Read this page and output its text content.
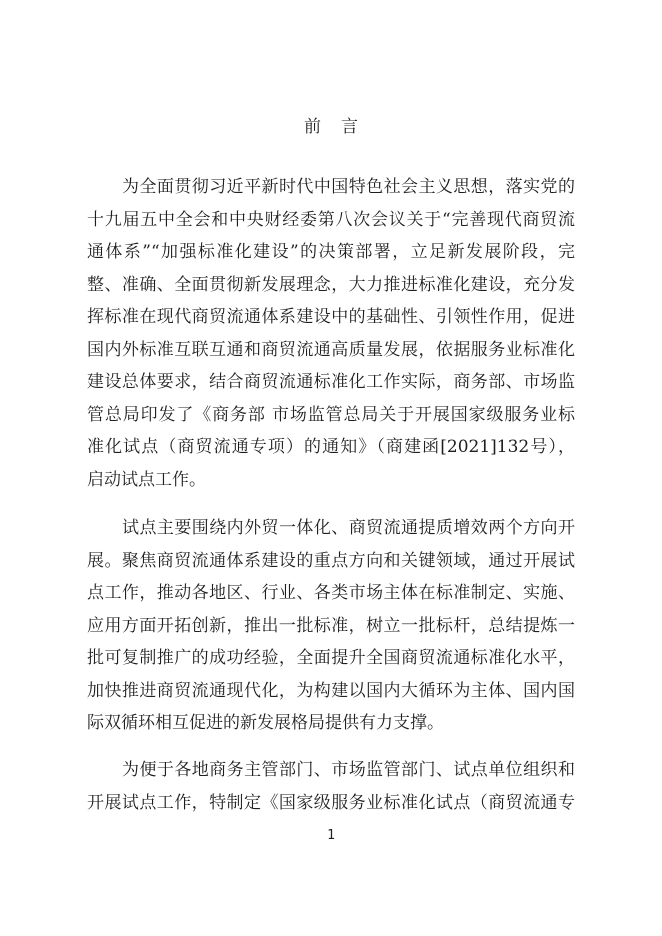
前言
为全面贯彻习近平新时代中国特色社会主义思想，落实党的
十九届五中全会和中央财经委第八次会议关于“完善现代商贸流
通体系”“加强标准化建设”的决策部署，立足新发展阶段，完
整、准确、全面贯彻新发展理念，大力推进标准化建设，充分发
挥标准在现代商贸流通体系建设中的基础性、引领性作用，促进
国内外标准互联互通和商贸流通高质量发展，依据服务业标准化
建设总体要求，结合商贸流通标准化工作实际，商务部、市场监
管总局印发了《商务部 市场监管总局关于开展国家级服务业标
准化试点（商贸流通专项）的通知》（商建函[2021]132号），
启动试点工作。
试点主要围绕内外贸一体化、商贸流通提质增效两个方向开
展。聚焦商贸流通体系建设的重点方向和关键领域，通过开展试
点工作，推动各地区、行业、各类市场主体在标准制定、实施、
应用方面开拓创新，推出一批标准，树立一批标杆，总结提炼一
批可复制推广的成功经验，全面提升全国商贸流通标准化水平，
加快推进商贸流通现代化，为构建以国内大循环为主体、国内国
际双循环相互促进的新发展格局提供有力支撑。
为便于各地商务主管部门、市场监管部门、试点单位组织和
开展试点工作，特制定《国家级服务业标准化试点（商贸流通专
1
